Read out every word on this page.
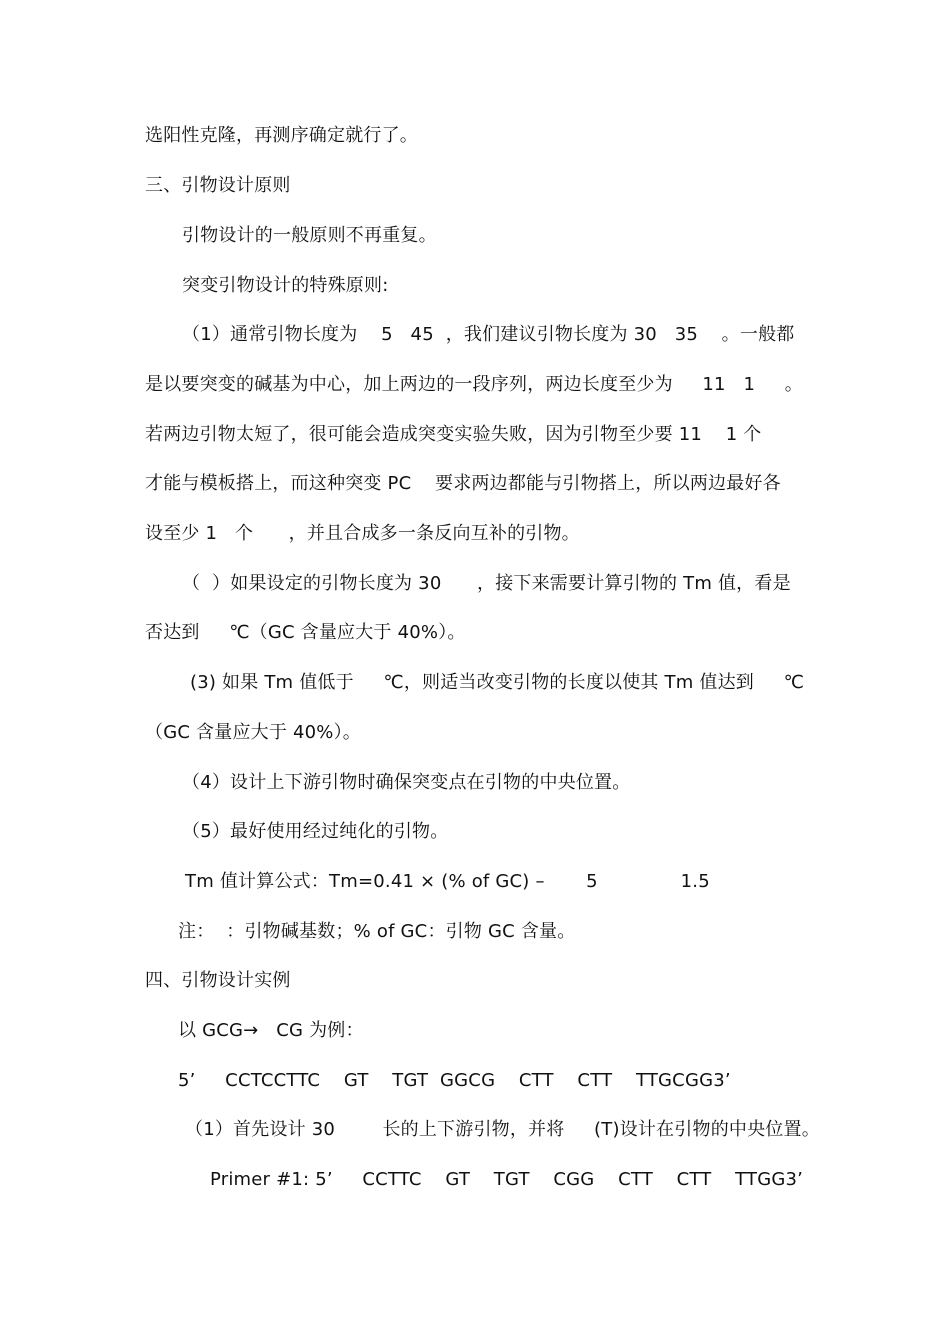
选阳性克隆，再测序确定就行了。
三、引物设计原则
引物设计的一般原则不再重复。
突变引物设计的特殊原则:
（1）通常引物长度为    5   45  ，我们建议引物长度为 30   35    。一般都
是以要突变的碱基为中心，加上两边的一段序列，两边长度至少为     11   1     。
若两边引物太短了，很可能会造成突变实验失败，因为引物至少要 11    1 个
才能与模板搭上，而这种突变 PC    要求两边都能与引物搭上，所以两边最好各
设至少 1   个      ，并且合成多一条反向互补的引物。
（  ）如果设定的引物长度为 30      ，接下来需要计算引物的 Tm 值，看是
否达到     ℃（GC 含量应大于 40%）。
(3) 如果 Tm 值低于     ℃，则适当改变引物的长度以使其 Tm 值达到     ℃
（GC 含量应大于 40%）。
（4）设计上下游引物时确保突变点在引物的中央位置。
（5）最好使用经过纯化的引物。
Tm 值计算公式：Tm=0.41 × (% of GC) –       5              1.5
注：  ：引物碱基数；% of GC：引物 GC 含量。
四、引物设计实例
以 GCG→   CG 为例：
5’     CCTCCTTC    GT    TGT  GGCG    CTT    CTT    TTGCGG3’
（1）首先设计 30        长的上下游引物，并将     (T)设计在引物的中央位置。
Primer #1: 5’     CCTTC    GT    TGT    CGG    CTT    CTT    TTGG3’
